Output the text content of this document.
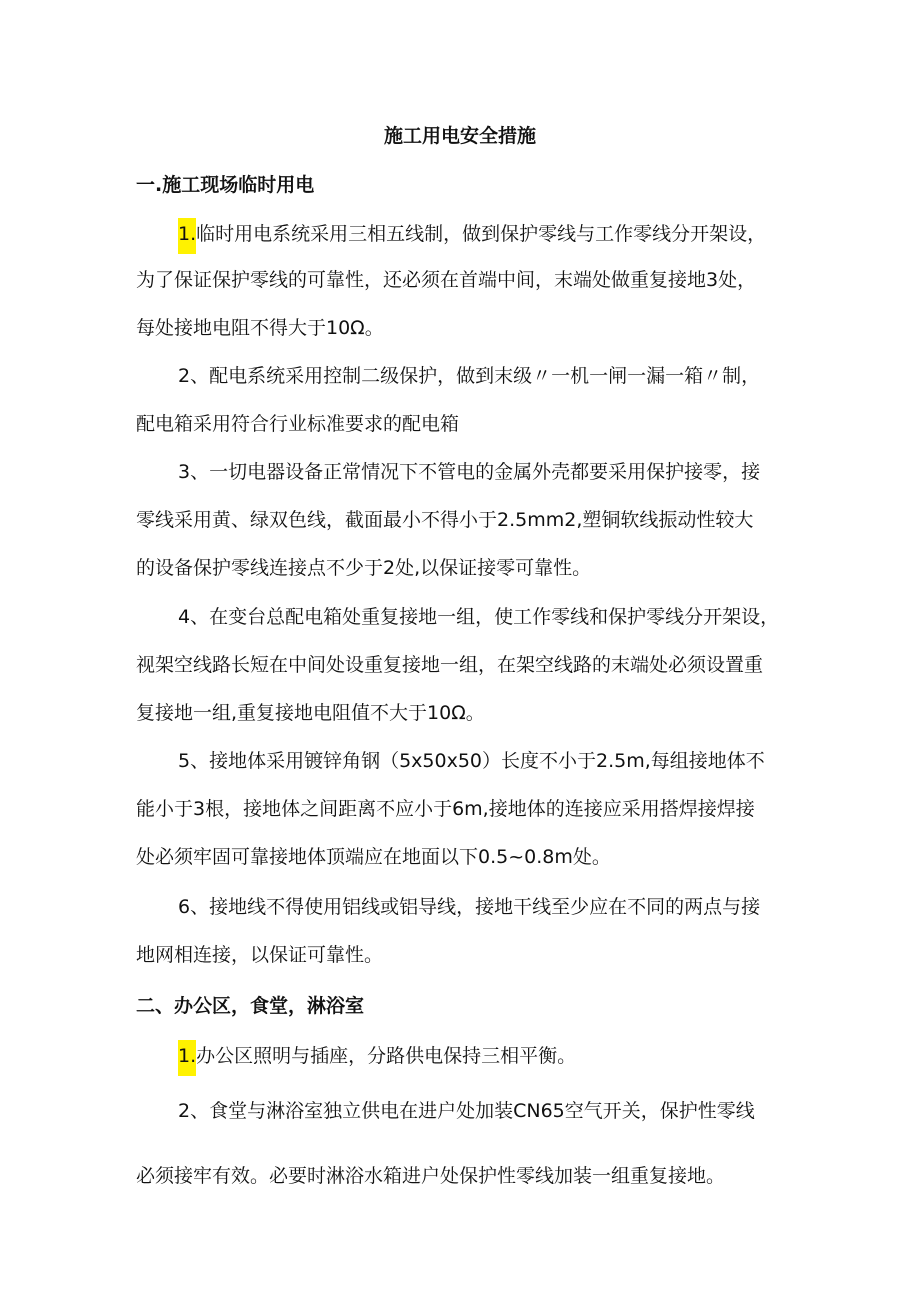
施工用电安全措施
一.施工现场临时用电
1.临时用电系统采用三相五线制，做到保护零线与工作零线分开架设，
为了保证保护零线的可靠性，还必须在首端中间，末端处做重复接地3处，
每处接地电阻不得大于10Ω。
2、配电系统采用控制二级保护，做到末级〃一机一闸一漏一箱〃制，
配电箱采用符合行业标准要求的配电箱
3、一切电器设备正常情况下不管电的金属外壳都要采用保护接零，接
零线采用黄、绿双色线，截面最小不得小于2.5mm2,塑铜软线振动性较大
的设备保护零线连接点不少于2处,以保证接零可靠性。
4、在变台总配电箱处重复接地一组，使工作零线和保护零线分开架设，
视架空线路长短在中间处设重复接地一组，在架空线路的末端处必须设置重
复接地一组,重复接地电阻值不大于10Ω。
5、接地体采用镀锌角钢（5x50x50）长度不小于2.5m,每组接地体不
能小于3根，接地体之间距离不应小于6m,接地体的连接应采用搭焊接焊接
处必须牢固可靠接地体顶端应在地面以下0.5~0.8m处。
6、接地线不得使用铝线或铝导线，接地干线至少应在不同的两点与接
地网相连接，以保证可靠性。
二、办公区，食堂，淋浴室
1.办公区照明与插座，分路供电保持三相平衡。
2、食堂与淋浴室独立供电在进户处加装CN65空气开关，保护性零线
必须接牢有效。必要时淋浴水箱进户处保护性零线加装一组重复接地。
